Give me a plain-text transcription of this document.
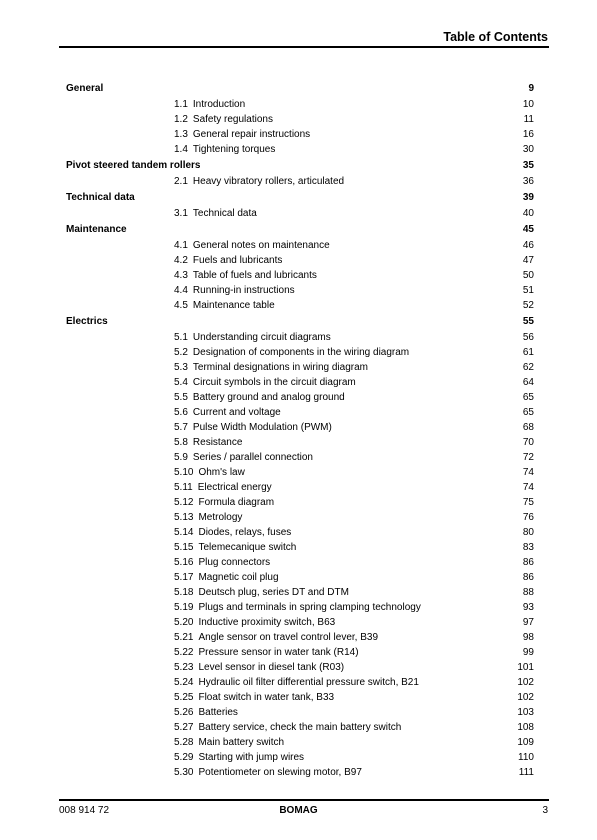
Table of Contents
General	9
1.1 Introduction	10
1.2 Safety regulations	11
1.3 General repair instructions	16
1.4 Tightening torques	30
Pivot steered tandem rollers	35
2.1 Heavy vibratory rollers, articulated	36
Technical data	39
3.1 Technical data	40
Maintenance	45
4.1 General notes on maintenance	46
4.2 Fuels and lubricants	47
4.3 Table of fuels and lubricants	50
4.4 Running-in instructions	51
4.5 Maintenance table	52
Electrics	55
5.1 Understanding circuit diagrams	56
5.2 Designation of components in the wiring diagram	61
5.3 Terminal designations in wiring diagram	62
5.4 Circuit symbols in the circuit diagram	64
5.5 Battery ground and analog ground	65
5.6 Current and voltage	65
5.7 Pulse Width Modulation (PWM)	68
5.8 Resistance	70
5.9 Series / parallel connection	72
5.10 Ohm's law	74
5.11 Electrical energy	74
5.12 Formula diagram	75
5.13 Metrology	76
5.14 Diodes, relays, fuses	80
5.15 Telemecanique switch	83
5.16 Plug connectors	86
5.17 Magnetic coil plug	86
5.18 Deutsch plug, series DT and DTM	88
5.19 Plugs and terminals in spring clamping technology	93
5.20 Inductive proximity switch, B63	97
5.21 Angle sensor on travel control lever, B39	98
5.22 Pressure sensor in water tank (R14)	99
5.23 Level sensor in diesel tank (R03)	101
5.24 Hydraulic oil filter differential pressure switch, B21	102
5.25 Float switch in water tank, B33	102
5.26 Batteries	103
5.27 Battery service, check the main battery switch	108
5.28 Main battery switch	109
5.29 Starting with jump wires	110
5.30 Potentiometer on slewing motor, B97	111
008 914 72	BOMAG	3
